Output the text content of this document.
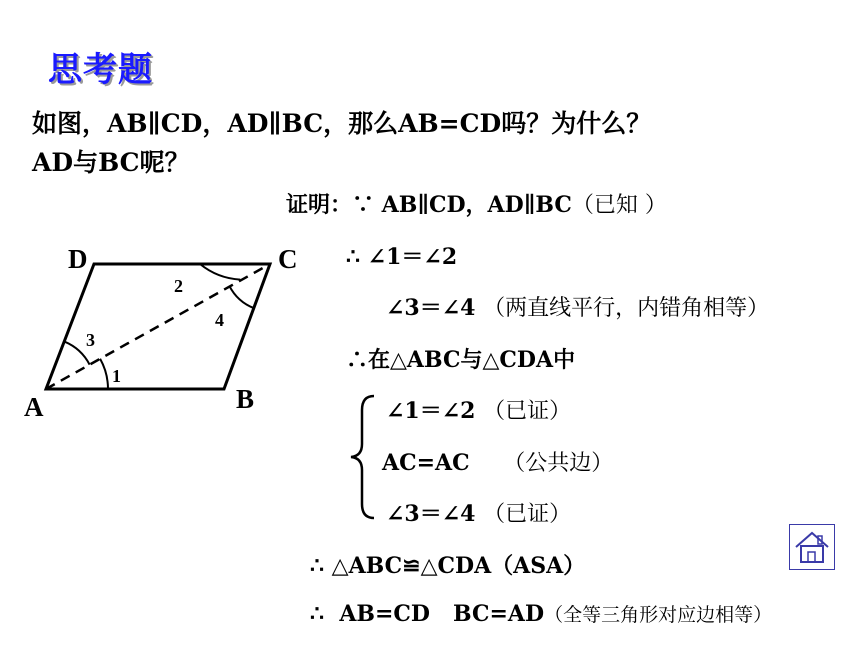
思考题
如图，AB∥CD，AD∥BC，那么AB=CD吗？为什么？
AD与BC呢？
D	C
A	B
1
2
3
4
证明：∵ AB∥CD，AD∥BC（已知 ）
∴ ∠1＝∠2
∠3＝∠4 （两直线平行，内错角相等）
∴在△ABC与△CDA中
∠1＝∠2 （已证）
AC=AC （公共边）
∠3＝∠4 （已证）
∴ △ABC≌△CDA（ASA）
∴  AB=CD   BC=AD（全等三角形对应边相等）
